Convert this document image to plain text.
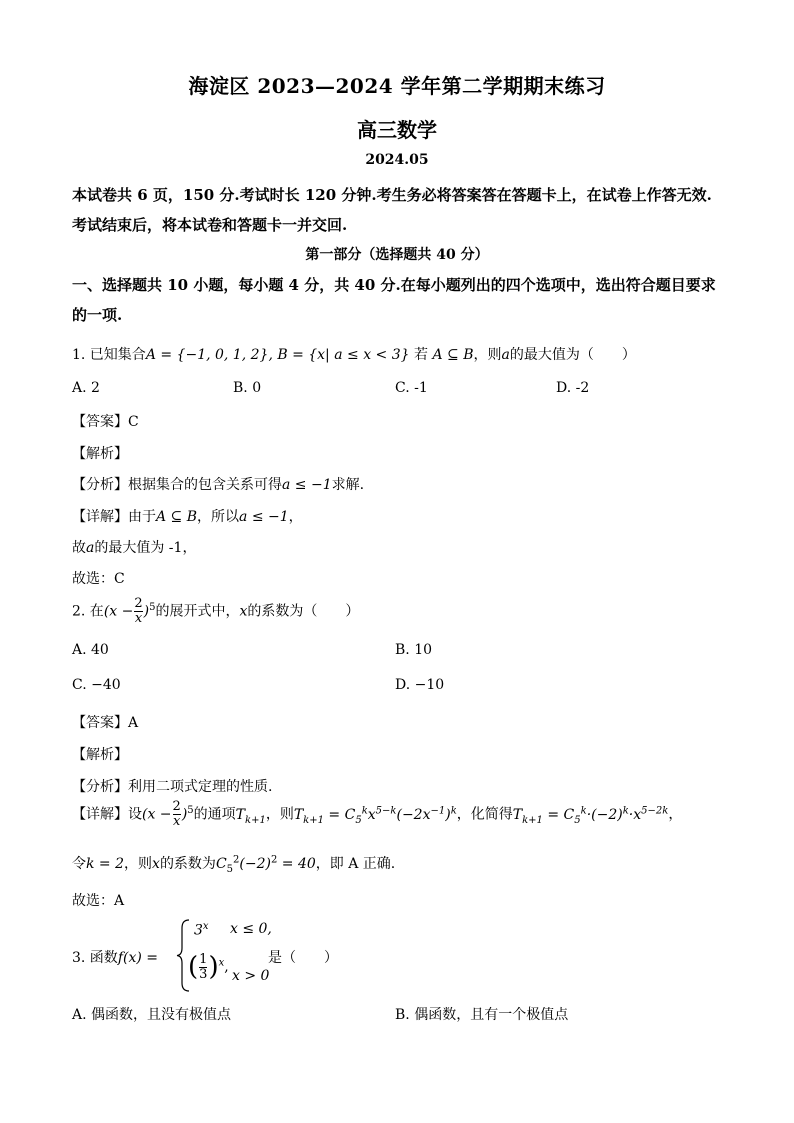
海淀区 2023—2024 学年第二学期期末练习
高三数学
2024.05
本试卷共 6 页，150 分.考试时长 120 分钟.考生务必将答案答在答题卡上，在试卷上作答无效.考试结束后，将本试卷和答题卡一并交回.
第一部分（选择题共 40 分）
一、选择题共 10 小题，每小题 4 分，共 40 分.在每小题列出的四个选项中，选出符合题目要求的一项.
1. 已知集合A = {−1, 0, 1, 2}, B = {x| a ≤ x < 3} 若 A ⊆ B，则a的最大值为（　　）
A. 2	B. 0	C. -1	D. -2
【答案】C
【解析】
【分析】根据集合的包含关系可得a ≤ −1求解.
【详解】由于A ⊆ B，所以a ≤ −1，
故a的最大值为 -1，
故选：C
2. 在$(x - \frac{2}{x} )^5$的展开式中，x的系数为（　　）
A. 40	B. 10
C. −40	D. −10
【答案】A
【解析】
【分析】利用二项式定理的性质.
【详解】设$(x - \frac{2}{x} )^5$的通项$T_{k+1}$，则$T_{k+1} = C_5^kx^{5-k}(-2x^{-1})^k$，化简得$T_{k+1} = C_5^k\cdot(-2)^k\cdot x^{5-2k}$，
令k = 2，则x的系数为$C_5^2(-2)^2 = 40$，即 A 正确.
故选：A
3. 函数f(x) =
$3^x$ x ≤ 0,
( $\frac{1}{3} )^x$,
x > 0
是（　　）
A. 偶函数，且没有极值点	B. 偶函数，且有一个极值点
